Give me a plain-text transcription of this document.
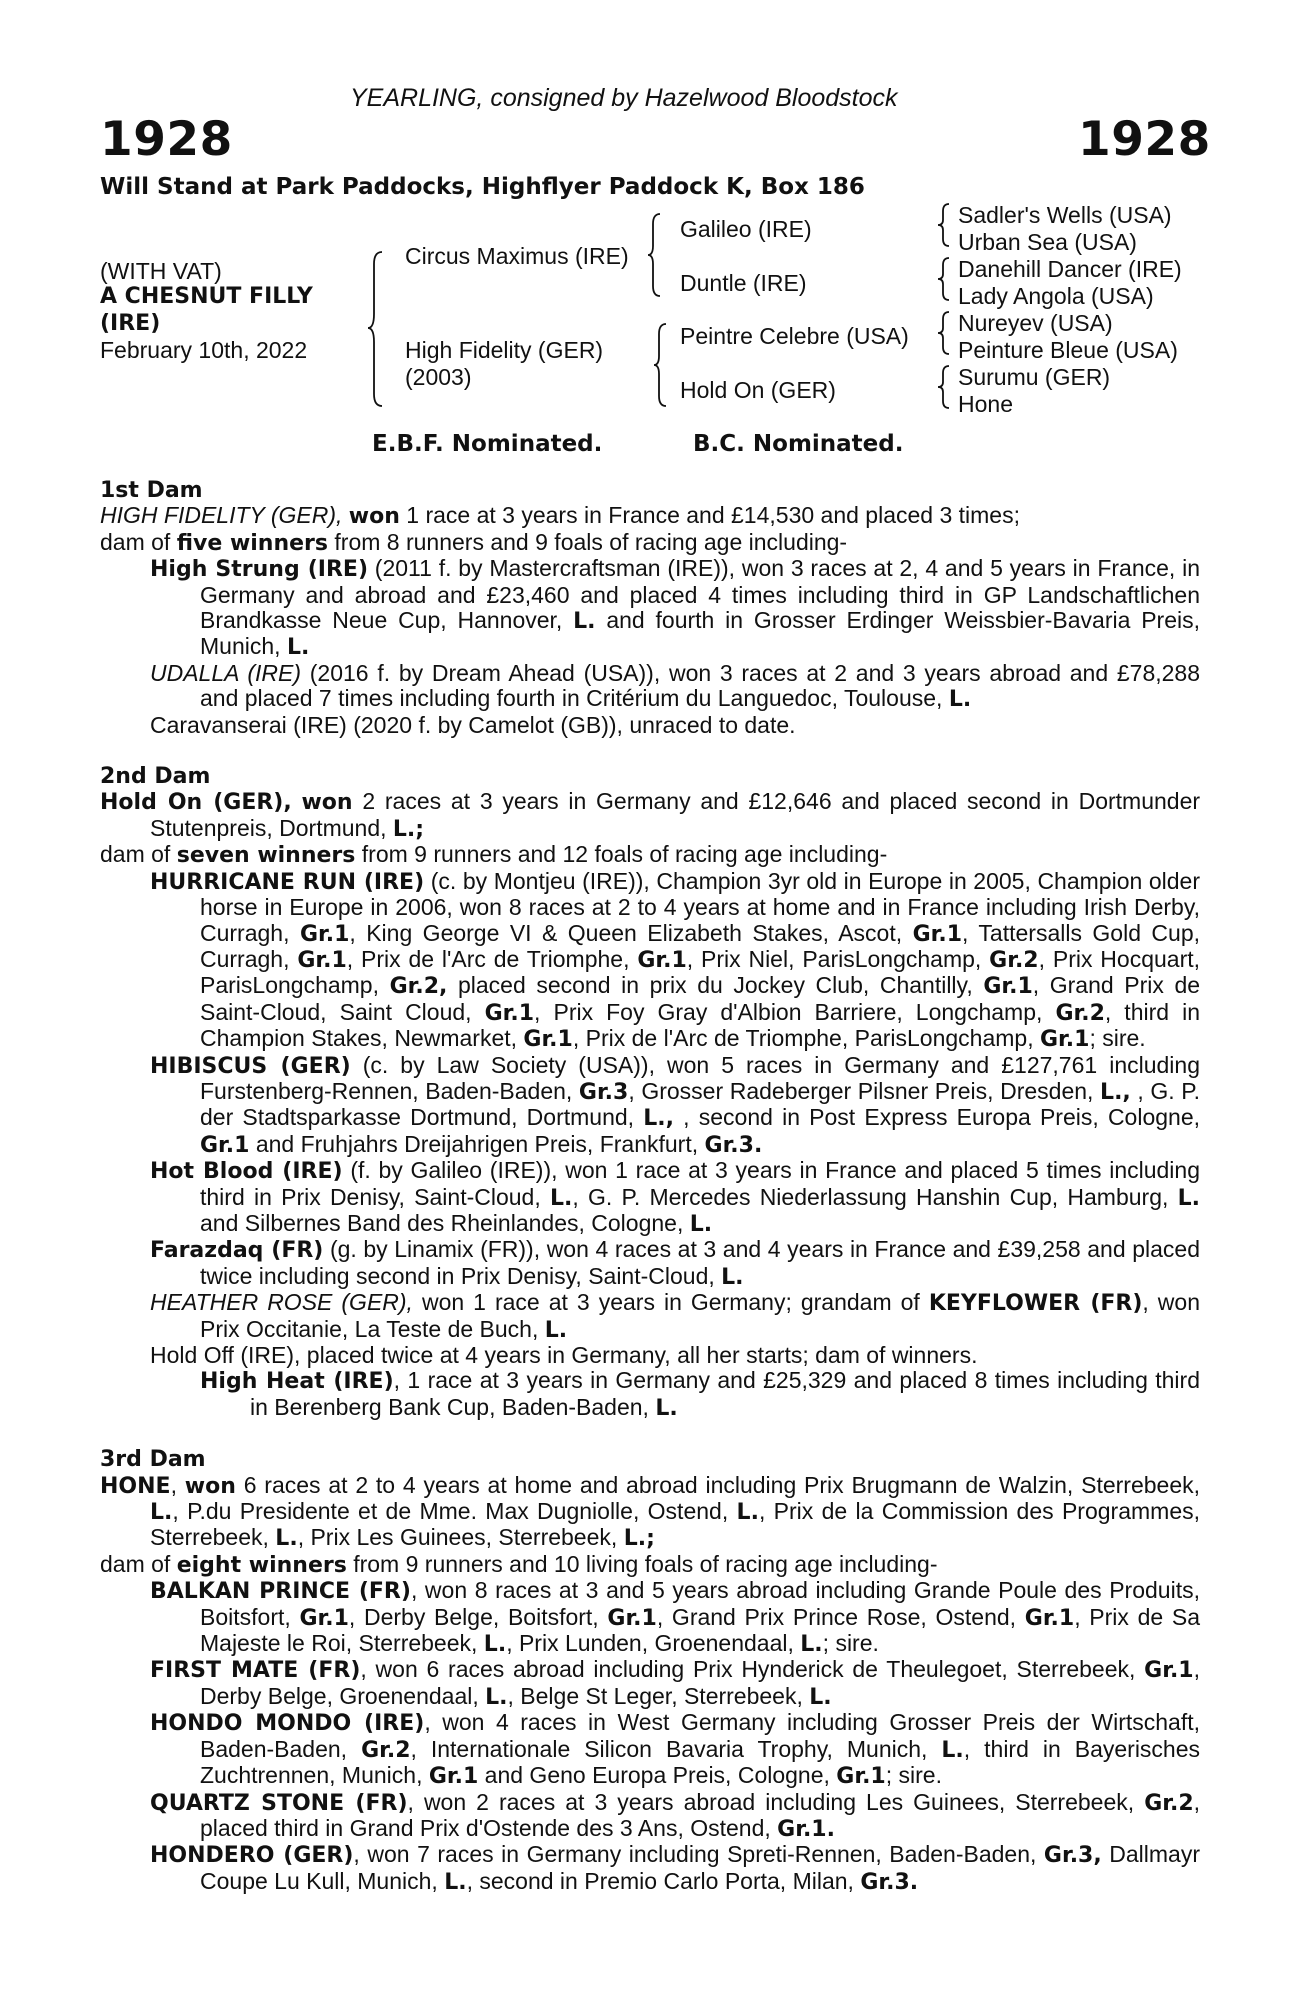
YEARLING, consigned by Hazelwood Bloodstock
1928	1928
Will Stand at Park Paddocks, Highflyer Paddock K, Box 186
(WITH VAT)
A CHESNUT FILLY
(IRE)
February 10th, 2022
Circus Maximus (IRE)
High Fidelity (GER)
(2003)
Galileo (IRE)
Duntle (IRE)
Peintre Celebre (USA)
Hold On (GER)
Sadler's Wells (USA)
Urban Sea (USA)
Danehill Dancer (IRE)
Lady Angola (USA)
Nureyev (USA)
Peinture Bleue (USA)
Surumu (GER)
Hone
E.B.F. Nominated.	B.C. Nominated.
1st Dam

HIGH FIDELITY (GER), won 1 race at 3 years in France and £14,530 and placed 3 times;

dam of five winners from 8 runners and 9 foals of racing age including-

High Strung (IRE) (2011 f. by Mastercraftsman (IRE)), won 3 races at 2, 4 and 5 years in France, in Germany and abroad and £23,460 and placed 4 times including third in GP Landschaftlichen Brandkasse Neue Cup, Hannover, L. and fourth in Grosser Erdinger Weissbier-Bavaria Preis, Munich, L.

UDALLA (IRE) (2016 f. by Dream Ahead (USA)), won 3 races at 2 and 3 years abroad and £78,288 and placed 7 times including fourth in Critérium du Languedoc, Toulouse, L.

Caravanserai (IRE) (2020 f. by Camelot (GB)), unraced to date.

2nd Dam

Hold On (GER), won 2 races at 3 years in Germany and £12,646 and placed second in Dortmunder Stutenpreis, Dortmund, L.;

dam of seven winners from 9 runners and 12 foals of racing age including-

HURRICANE RUN (IRE) (c. by Montjeu (IRE)), Champion 3yr old in Europe in 2005, Champion older horse in Europe in 2006, won 8 races at 2 to 4 years at home and in France including Irish Derby, Curragh, Gr.1, King George VI & Queen Elizabeth Stakes, Ascot, Gr.1, Tattersalls Gold Cup, Curragh, Gr.1, Prix de l'Arc de Triomphe, Gr.1, Prix Niel, ParisLongchamp, Gr.2, Prix Hocquart, ParisLongchamp, Gr.2, placed second in prix du Jockey Club, Chantilly, Gr.1, Grand Prix de Saint-Cloud, Saint Cloud, Gr.1, Prix Foy Gray d'Albion Barriere, Longchamp, Gr.2, third in Champion Stakes, Newmarket, Gr.1, Prix de l'Arc de Triomphe, ParisLongchamp, Gr.1; sire.

HIBISCUS (GER) (c. by Law Society (USA)), won 5 races in Germany and £127,761 including Furstenberg-Rennen, Baden-Baden, Gr.3, Grosser Radeberger Pilsner Preis, Dresden, L., , G. P. der Stadtsparkasse Dortmund, Dortmund, L., , second in Post Express Europa Preis, Cologne, Gr.1 and Fruhjahrs Dreijahrigen Preis, Frankfurt, Gr.3.

Hot Blood (IRE) (f. by Galileo (IRE)), won 1 race at 3 years in France and placed 5 times including third in Prix Denisy, Saint-Cloud, L., G. P. Mercedes Niederlassung Hanshin Cup, Hamburg, L. and Silbernes Band des Rheinlandes, Cologne, L.

Farazdaq (FR) (g. by Linamix (FR)), won 4 races at 3 and 4 years in France and £39,258 and placed twice including second in Prix Denisy, Saint-Cloud, L.

HEATHER ROSE (GER), won 1 race at 3 years in Germany; grandam of KEYFLOWER (FR), won Prix Occitanie, La Teste de Buch, L.

Hold Off (IRE), placed twice at 4 years in Germany, all her starts; dam of winners.

High Heat (IRE), 1 race at 3 years in Germany and £25,329 and placed 8 times including third in Berenberg Bank Cup, Baden-Baden, L.

3rd Dam

HONE, won 6 races at 2 to 4 years at home and abroad including Prix Brugmann de Walzin, Sterrebeek, L., P.du Presidente et de Mme. Max Dugniolle, Ostend, L., Prix de la Commission des Programmes, Sterrebeek, L., Prix Les Guinees, Sterrebeek, L.;

dam of eight winners from 9 runners and 10 living foals of racing age including-

BALKAN PRINCE (FR), won 8 races at 3 and 5 years abroad including Grande Poule des Produits, Boitsfort, Gr.1, Derby Belge, Boitsfort, Gr.1, Grand Prix Prince Rose, Ostend, Gr.1, Prix de Sa Majeste le Roi, Sterrebeek, L., Prix Lunden, Groenendaal, L.; sire.

FIRST MATE (FR), won 6 races abroad including Prix Hynderick de Theulegoet, Sterrebeek, Gr.1, Derby Belge, Groenendaal, L., Belge St Leger, Sterrebeek, L.

HONDO MONDO (IRE), won 4 races in West Germany including Grosser Preis der Wirtschaft, Baden-Baden, Gr.2, Internationale Silicon Bavaria Trophy, Munich, L., third in Bayerisches Zuchtrennen, Munich, Gr.1 and Geno Europa Preis, Cologne, Gr.1; sire.

QUARTZ STONE (FR), won 2 races at 3 years abroad including Les Guinees, Sterrebeek, Gr.2, placed third in Grand Prix d'Ostende des 3 Ans, Ostend, Gr.1.

HONDERO (GER), won 7 races in Germany including Spreti-Rennen, Baden-Baden, Gr.3, Dallmayr Coupe Lu Kull, Munich, L., second in Premio Carlo Porta, Milan, Gr.3.
